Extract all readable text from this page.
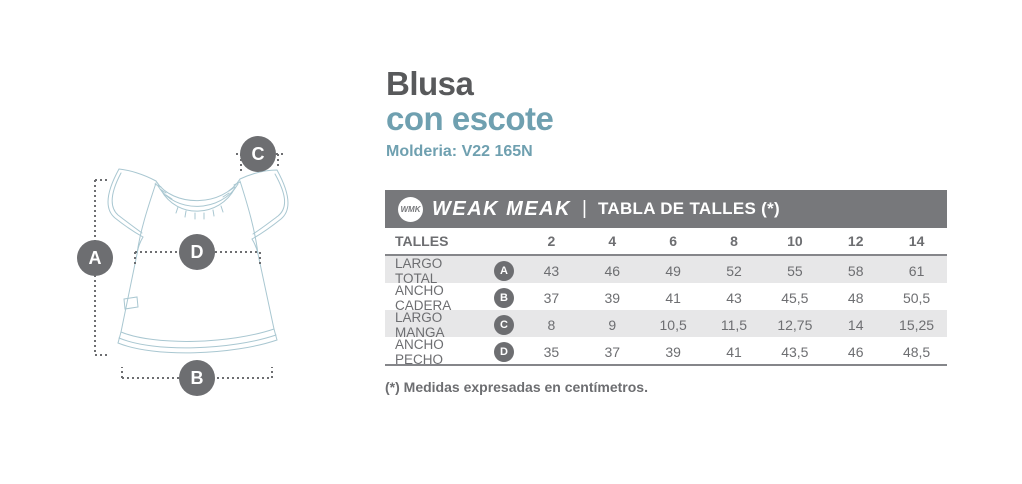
A
B
C
D
Blusa
con escote
Molderia: V22 165N
WMK WEAK MEAK | TABLA DE TALLES (*)
TALLES	2	4	6	8	10	12	14
LARGO TOTAL	A	43	46	49	52	55	58	61
ANCHO CADERA	B	37	39	41	43	45,5	48	50,5
LARGO MANGA	C	8	9	10,5	11,5	12,75	14	15,25
ANCHO PECHO	D	35	37	39	41	43,5	46	48,5
(*) Medidas expresadas en centímetros.
